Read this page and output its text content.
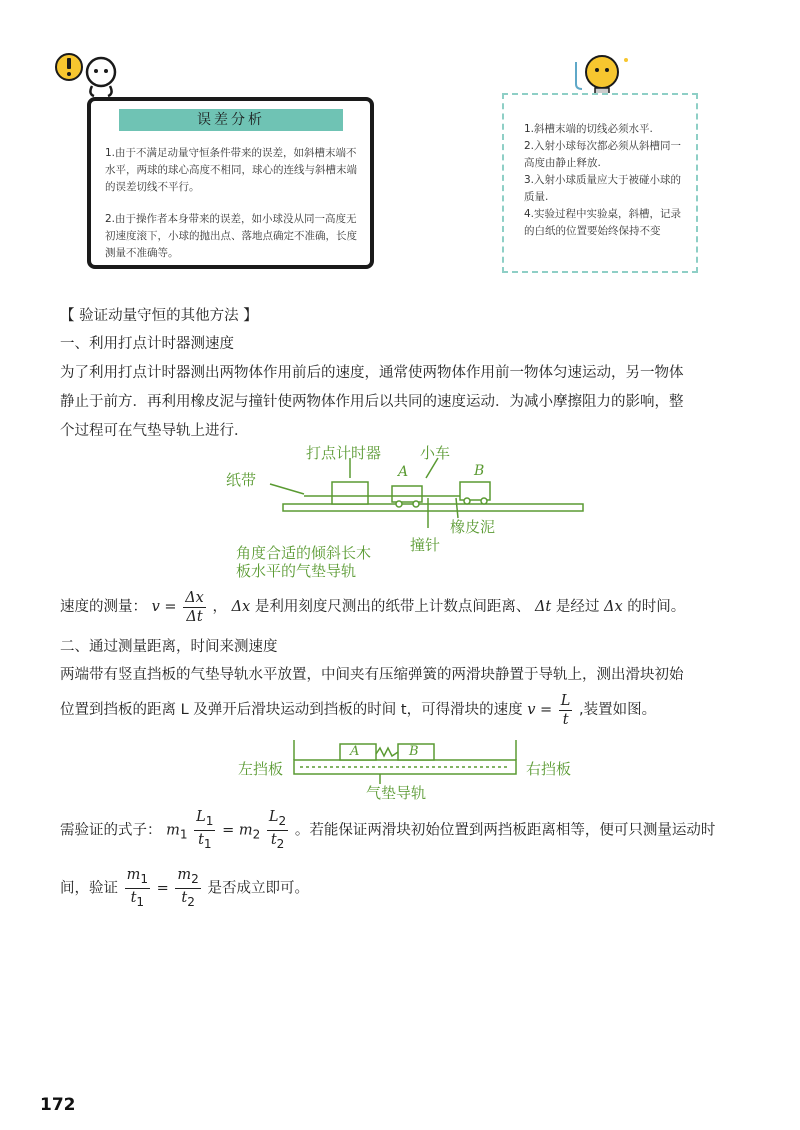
误差分析
1.由于不满足动量守恒条件带来的误差，如斜槽末端不水平，两球的球心高度不相同，球心的连线与斜槽末端的误差切线不平行。
2.由于操作者本身带来的误差，如小球没从同一高度无初速度滚下，小球的抛出点、落地点确定不准确，长度测量不准确等。
1.斜槽末端的切线必须水平.
2.入射小球每次都必须从斜槽同一高度由静止释放.
3.入射小球质量应大于被碰小球的质量.
4.实验过程中实验桌，斜槽，记录的白纸的位置要始终保持不变
【 验证动量守恒的其他方法 】
一、利用打点计时器测速度
为了利用打点计时器测出两物体作用前后的速度，通常使两物体作用前一物体匀速运动，另一物体
静止于前方．再利用橡皮泥与撞针使两物体作用后以共同的速度运动．为减小摩擦阻力的影响，整
个过程可在气垫导轨上进行．
打点计时器	小车
A	B
纸带
橡皮泥
撞针
角度合适的倾斜长木
板水平的气垫导轨
速度的测量： $v = \frac{\Delta x}{\Delta t}$ ， Δx 是利用刻度尺测出的纸带上计数点间距离、 Δt 是经过 Δx 的时间。
二、通过测量距离，时间来测速度
两端带有竖直挡板的气垫导轨水平放置，中间夹有压缩弹簧的两滑块静置于导轨上，测出滑块初始
位置到挡板的距离 L 及弹开后滑块运动到挡板的时间 t，可得滑块的速度 $v = \frac{L}{t}$ ,装置如图。
A	B
左挡板	右挡板
气垫导轨
需验证的式子： $m_1 \frac{L_1}{t_1} = m_2 \frac{L_2}{t_2}$ 。若能保证两滑块初始位置到两挡板距离相等，便可只测量运动时
间，验证 $\frac{m_1}{t_1} = \frac{m_2}{t_2}$ 是否成立即可。
172
